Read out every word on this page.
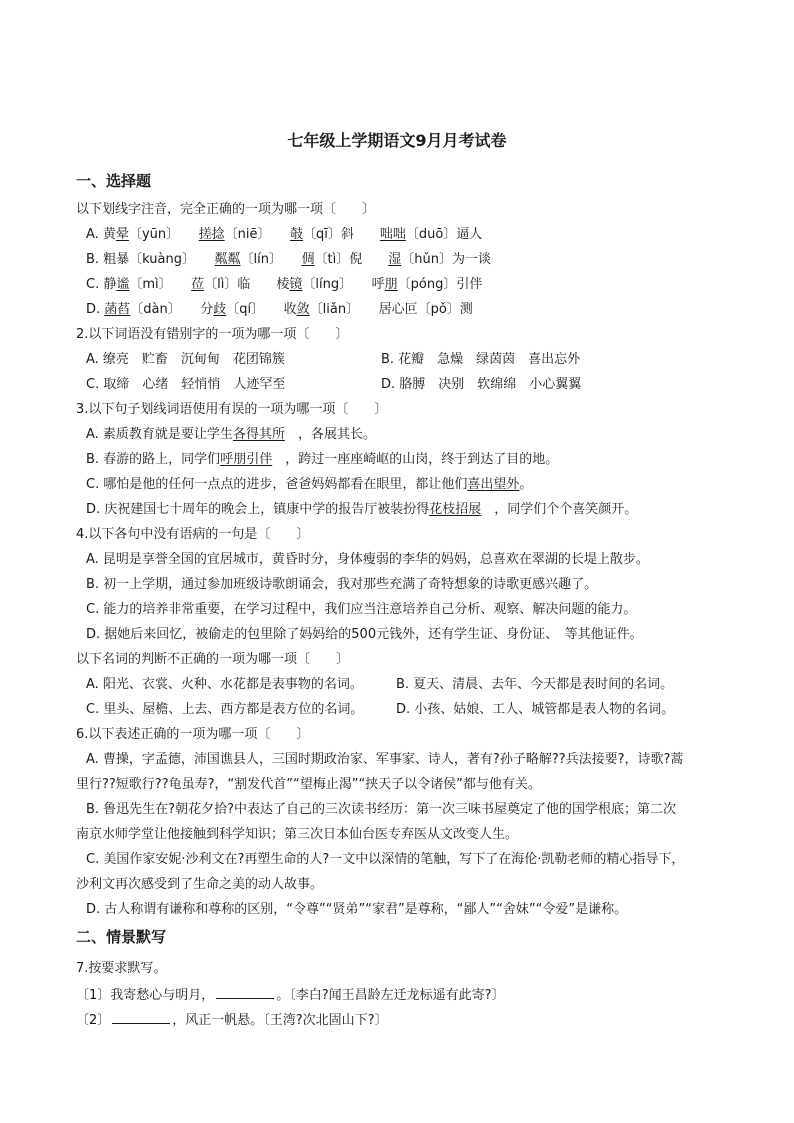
七年级上学期语文9月月考试卷
一、选择题
以下划线字注音，完全正确的一项为哪一项〔　　〕
A. 黄晕〔yūn〕　　搓捻〔niē〕　　攲〔qī〕斜　　咄咄〔duō〕逼人
B. 粗暴〔kuàng〕　　粼粼〔lín〕　　倜〔tì〕倪　　湿〔hǔn〕为一谈
C. 静谧〔mì〕　　莅〔lì〕临　　棱镜〔líng〕　　呼朋〔póng〕引伴
D. 菡萏〔dàn〕　　分歧〔qí〕　　收敛〔liǎn〕　　居心叵〔pǒ〕测
2.以下词语没有错别字的一项为哪一项〔　　〕
A. 缭亮　贮畜　沉甸甸　花团锦簇	B. 花瓣　急燥　绿茵茵　喜出忘外
C. 取缔　心绪　轻悄悄　人迹罕至	D. 胳膊　决别　软绵绵　小心翼翼
3.以下句子划线词语使用有误的一项为哪一项〔　　〕
A. 素质教育就是要让学生各得其所　，各展其长。
B. 春游的路上，同学们呼朋引伴　，跨过一座座崎岖的山岗，终于到达了目的地。
C. 哪怕是他的任何一点点的进步，爸爸妈妈都看在眼里，都让他们喜出望外。
D. 庆祝建国七十周年的晚会上，镇康中学的报告厅被装扮得花枝招展　，同学们个个喜笑颜开。
4.以下各句中没有语病的一句是〔　　〕
A. 昆明是享誉全国的宜居城市，黄昏时分，身体瘦弱的李华的妈妈，总喜欢在翠湖的长堤上散步。
B. 初一上学期，通过参加班级诗歌朗诵会，我对那些充满了奇特想象的诗歌更感兴趣了。
C. 能力的培养非常重要，在学习过程中，我们应当注意培养自己分析、观察、解决问题的能力。
D. 据她后来回忆，被偷走的包里除了妈妈给的500元钱外，还有学生证、身份证、　等其他证件。
以下名词的判断不正确的一项为哪一项〔　　〕
A. 阳光、衣裳、火种、水花都是表事物的名词。	B. 夏天、清晨、去年、今天都是表时间的名词。
C. 里头、屋檐、上去、西方都是表方位的名词。	D. 小孩、姑娘、工人、城管都是表人物的名词。
6.以下表述正确的一项为哪一项〔　　〕
A. 曹操，字孟德，沛国谯县人，三国时期政治家、军事家、诗人，著有?孙子略解??兵法接要?，诗歌?蒿
里行??短歌行??龟虽寿?，“割发代首”“望梅止渴”“挟天子以令诸侯”都与他有关。
B. 鲁迅先生在?朝花夕拾?中表达了自己的三次读书经历：第一次三味书屋奠定了他的国学根底；第二次
南京水师学堂让他接触到科学知识；第三次日本仙台医专弃医从文改变人生。
C. 美国作家安妮·沙利文在?再塑生命的人?一文中以深情的笔触，写下了在海伦·凯勒老师的精心指导下，
沙利文再次感受到了生命之美的动人故事。
D. 古人称谓有谦称和尊称的区别，“令尊”“贤弟”“家君”是尊称，“鄙人”“舍妹”“令爱”是谦称。
二、情景默写
7.按要求默写。
〔1〕我寄愁心与明月，	。〔李白?闻王昌龄左迁龙标遥有此寄?〕
〔2〕	，风正一帆悬。〔王湾?次北固山下?〕
